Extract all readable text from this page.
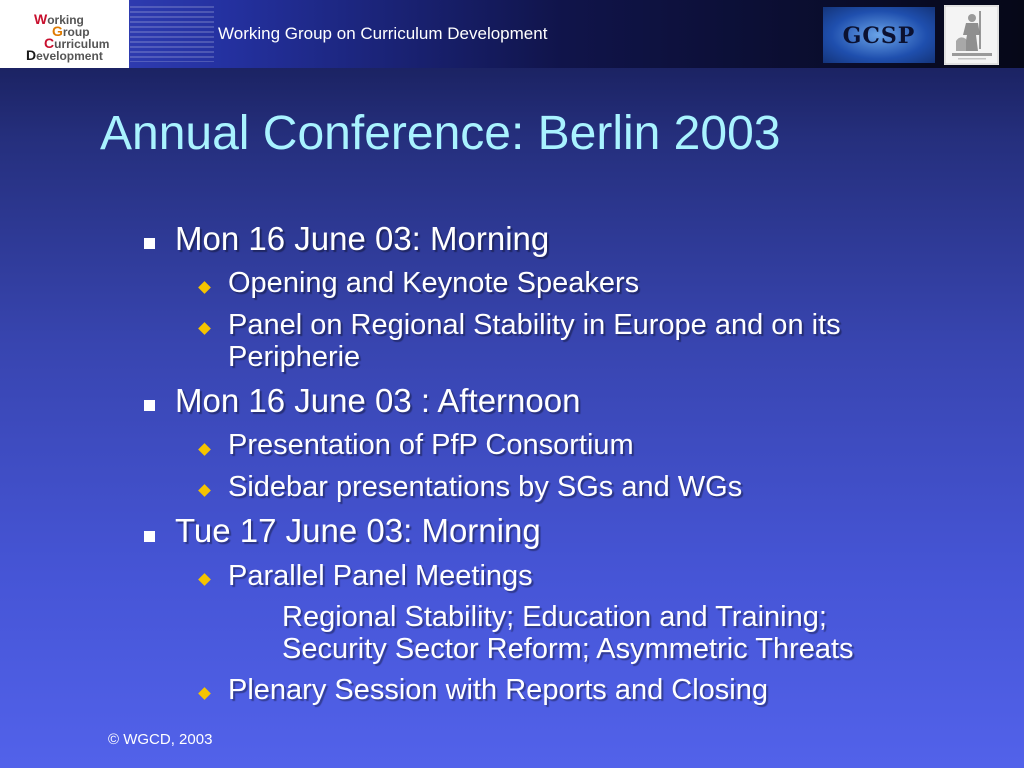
Working
Group
Curriculum
Development
Working Group on Curriculum Development	GCSP
Annual Conference: Berlin 2003
Mon 16 June 03: Morning
Opening and Keynote Speakers
Panel on Regional Stability in Europe and on its
Peripherie
Mon 16 June 03 : Afternoon
Presentation of PfP Consortium
Sidebar presentations by SGs and WGs
Tue 17 June 03: Morning
Parallel Panel Meetings
Regional Stability; Education and Training;
Security Sector Reform; Asymmetric Threats
Plenary Session with Reports and Closing
© WGCD, 2003
